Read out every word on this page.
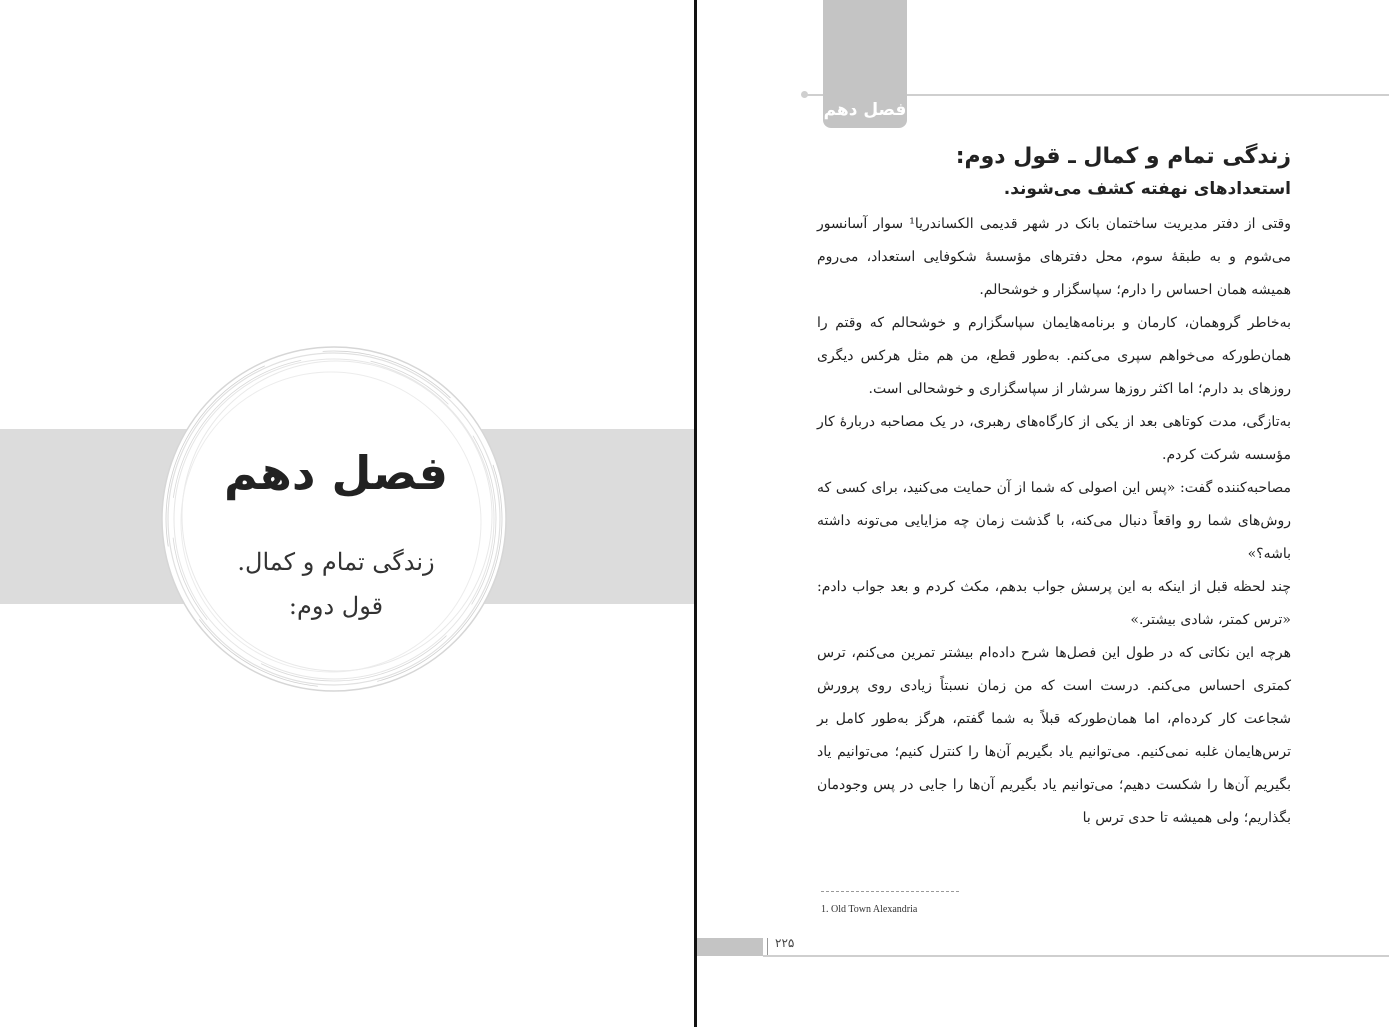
فصل دهم
زندگی تمام و کمال.
قول دوم:
فصل دهم
زندگی تمام و کمال ـ قول دوم:
استعدادهای نهفته کشف می‌شوند.

وقتی از دفتر مدیریت ساختمان بانک در شهر قدیمی الکساندریا¹ سوار آسانسور می‌شوم و به طبقهٔ سوم، محل دفترهای مؤسسهٔ شکوفایی استعداد، می‌روم همیشه همان احساس را دارم؛ سپاسگزار و خوشحالم.

به‌خاطر گروهمان، کارمان و برنامه‌هایمان سپاسگزارم و خوشحالم که وقتم را همان‌طورکه می‌خواهم سپری می‌کنم. به‌طور قطع، من هم مثل هرکس دیگری روزهای بد دارم؛ اما اکثر روزها سرشار از سپاسگزاری و خوشحالی است.

به‌تازگی، مدت کوتاهی بعد از یکی از کارگاه‌های رهبری، در یک مصاحبه دربارهٔ کار مؤسسه شرکت کردم.

مصاحبه‌کننده گفت: «پس این اصولی که شما از آن حمایت می‌کنید، برای کسی که روش‌های شما رو واقعاً دنبال می‌کنه، با گذشت زمان چه مزایایی می‌تونه داشته باشه؟»

چند لحظه قبل از اینکه به این پرسش جواب بدهم، مکث کردم و بعد جواب دادم: «ترس کمتر، شادی بیشتر.»

هرچه این نکاتی که در طول این فصل‌ها شرح داده‌ام بیشتر تمرین می‌کنم، ترس کمتری احساس می‌کنم. درست است که من زمان نسبتاً زیادی روی پرورش شجاعت کار کرده‌ام، اما همان‌طورکه قبلاً به شما گفتم، هرگز به‌طور کامل بر ترس‌هایمان غلبه نمی‌کنیم. می‌توانیم یاد بگیریم آن‌ها را کنترل کنیم؛ می‌توانیم یاد بگیریم آن‌ها را شکست دهیم؛ می‌توانیم یاد بگیریم آن‌ها را جایی در پس وجودمان بگذاریم؛ ولی همیشه تا حدی ترس با

1. Old Town Alexandria
۲۲۵
